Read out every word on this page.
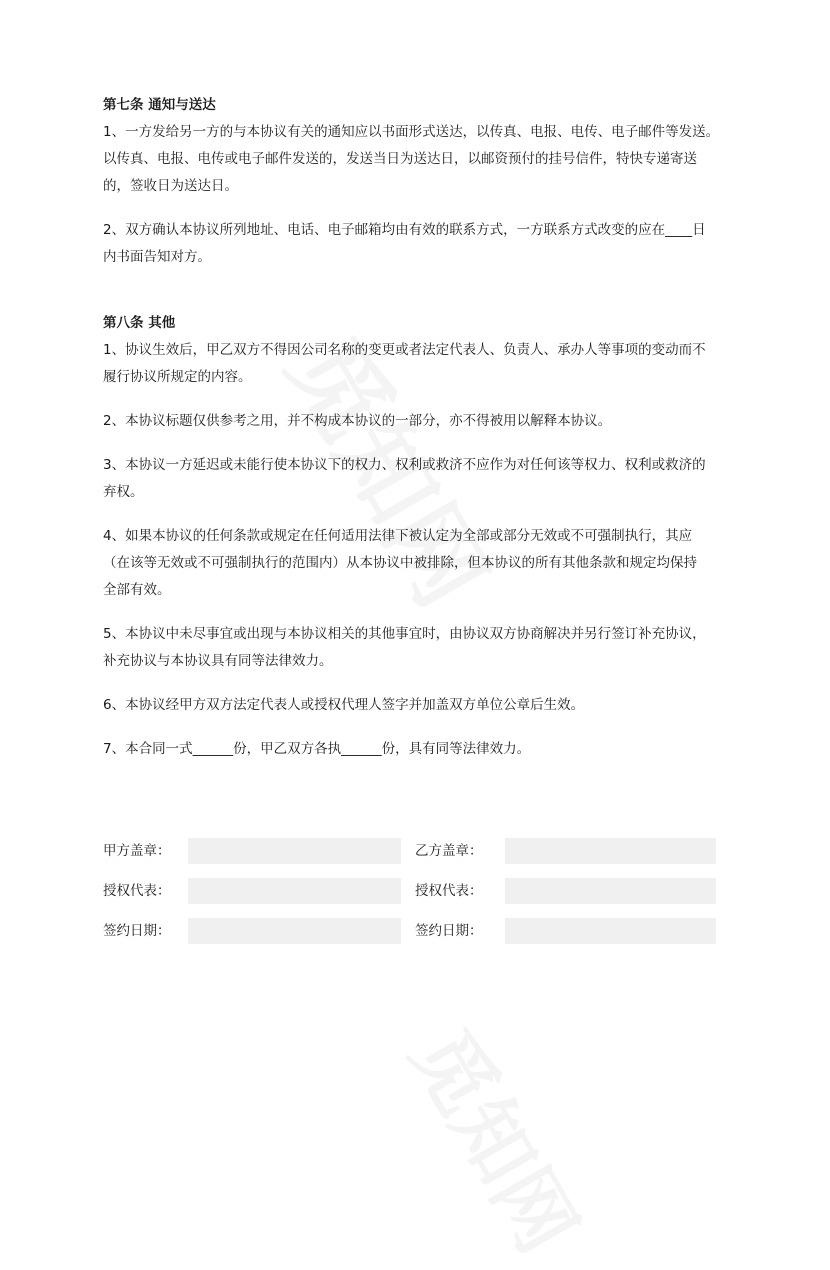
第七条 通知与送达

1、一方发给另一方的与本协议有关的通知应以书面形式送达，以传真、电报、电传、电子邮件等发送。
以传真、电报、电传或电子邮件发送的，发送当日为送达日，以邮资预付的挂号信件，特快专递寄送
的，签收日为送达日。

2、双方确认本协议所列地址、电话、电子邮箱均由有效的联系方式，一方联系方式改变的应在____日
内书面告知对方。

第八条 其他

1、协议生效后，甲乙双方不得因公司名称的变更或者法定代表人、负责人、承办人等事项的变动而不
履行协议所规定的内容。

2、本协议标题仅供参考之用，并不构成本协议的一部分，亦不得被用以解释本协议。

3、本协议一方延迟或未能行使本协议下的权力、权利或救济不应作为对任何该等权力、权利或救济的
弃权。

4、如果本协议的任何条款或规定在任何适用法律下被认定为全部或部分无效或不可强制执行，其应
（在该等无效或不可强制执行的范围内）从本协议中被排除，但本协议的所有其他条款和规定均保持
全部有效。

5、本协议中未尽事宜或出现与本协议相关的其他事宜时，由协议双方协商解决并另行签订补充协议，
补充协议与本协议具有同等法律效力。

6、本协议经甲方双方法定代表人或授权代理人签字并加盖双方单位公章后生效。

7、本合同一式______份，甲乙双方各执______份，具有同等法律效力。

甲方盖章：	乙方盖章：
授权代表：	授权代表：
签约日期：	签约日期：
